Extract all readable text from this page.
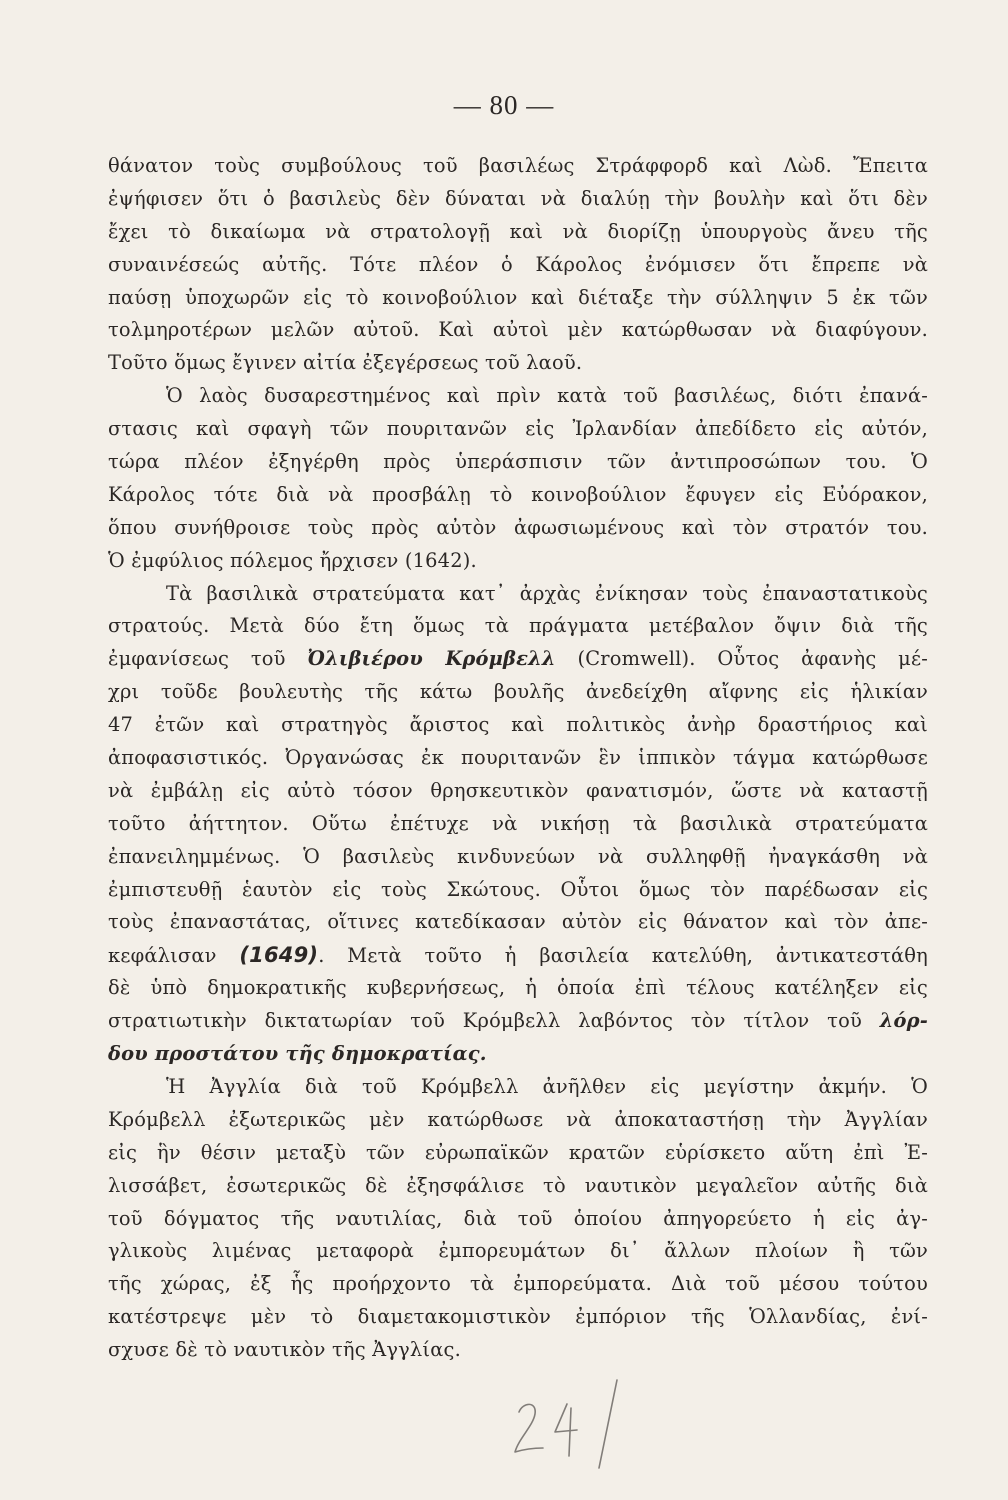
— 80 —
θάνατον τοὺς συμβούλους τοῦ βασιλέως Στράφφορδ καὶ Λὼδ. Ἔπειτα
ἐψήφισεν ὅτι ὁ βασιλεὺς δὲν δύναται νὰ διαλύῃ τὴν βουλὴν καὶ ὅτι δὲν
ἔχει τὸ δικαίωμα νὰ στρατολογῇ καὶ νὰ διορίζῃ ὑπουργοὺς ἄνευ τῆς
συναινέσεώς αὐτῆς. Τότε πλέον ὁ Κάρολος ἐνόμισεν ὅτι ἔπρεπε νὰ
παύσῃ ὑποχωρῶν εἰς τὸ κοινοβούλιον καὶ διέταξε τὴν σύλληψιν 5 ἐκ τῶν
τολμηροτέρων μελῶν αὐτοῦ. Καὶ αὐτοὶ μὲν κατώρθωσαν νὰ διαφύγουν.
Τοῦτο ὅμως ἔγινεν αἰτία ἐξεγέρσεως τοῦ λαοῦ.
Ὁ λαὸς δυσαρεστημένος καὶ πρὶν κατὰ τοῦ βασιλέως, διότι ἐπανά-
στασις καὶ σφαγὴ τῶν πουριτανῶν εἰς Ἰρλανδίαν ἀπεδίδετο εἰς αὐτόν,
τώρα πλέον ἐξηγέρθη πρὸς ὑπεράσπισιν τῶν ἀντιπροσώπων του. Ὁ
Κάρολος τότε διὰ νὰ προσβάλῃ τὸ κοινοβούλιον ἔφυγεν εἰς Εὐόρακον,
ὅπου συνήθροισε τοὺς πρὸς αὐτὸν ἀφωσιωμένους καὶ τὸν στρατόν του.
Ὁ ἐμφύλιος πόλεμος ἤρχισεν (1642).
Τὰ βασιλικὰ στρατεύματα κατ᾿ ἀρχὰς ἐνίκησαν τοὺς ἐπαναστατικοὺς
στρατούς. Μετὰ δύο ἔτη ὅμως τὰ πράγματα μετέβαλον ὄψιν διὰ τῆς
ἐμφανίσεως τοῦ Ὀλιβιέρου Κρόμβελλ (Cromwell). Οὗτος ἀφανὴς μέ-
χρι τοῦδε βουλευτὴς τῆς κάτω βουλῆς ἀνεδείχθη αἴφνης εἰς ἡλικίαν
47 ἐτῶν καὶ στρατηγὸς ἄριστος καὶ πολιτικὸς ἀνὴρ δραστήριος καὶ
ἀποφασιστικός. Ὀργανώσας ἐκ πουριτανῶν ἓν ἱππικὸν τάγμα κατώρθωσε
νὰ ἐμβάλῃ εἰς αὐτὸ τόσον θρησκευτικὸν φανατισμόν, ὥστε νὰ καταστῇ
τοῦτο ἀήττητον. Οὕτω ἐπέτυχε νὰ νικήσῃ τὰ βασιλικὰ στρατεύματα
ἐπανειλημμένως. Ὁ βασιλεὺς κινδυνεύων νὰ συλληφθῇ ἠναγκάσθη νὰ
ἐμπιστευθῇ ἑαυτὸν εἰς τοὺς Σκώτους. Οὗτοι ὅμως τὸν παρέδωσαν εἰς
τοὺς ἐπαναστάτας, οἵτινες κατεδίκασαν αὐτὸν εἰς θάνατον καὶ τὸν ἀπε-
κεφάλισαν (1649). Μετὰ τοῦτο ἡ βασιλεία κατελύθη, ἀντικατεστάθη
δὲ ὑπὸ δημοκρατικῆς κυβερνήσεως, ἡ ὁποία ἐπὶ τέλους κατέληξεν εἰς
στρατιωτικὴν δικτατωρίαν τοῦ Κρόμβελλ λαβόντος τὸν τίτλον τοῦ λόρ-
δου προστάτου τῆς δημοκρατίας.
Ἡ Ἀγγλία διὰ τοῦ Κρόμβελλ ἀνῆλθεν εἰς μεγίστην ἀκμήν. Ὁ
Κρόμβελλ ἐξωτερικῶς μὲν κατώρθωσε νὰ ἀποκαταστήσῃ τὴν Ἀγγλίαν
εἰς ἣν θέσιν μεταξὺ τῶν εὐρωπαϊκῶν κρατῶν εὑρίσκετο αὕτη ἐπὶ Ἐ-
λισσάβετ, ἐσωτερικῶς δὲ ἐξησφάλισε τὸ ναυτικὸν μεγαλεῖον αὐτῆς διὰ
τοῦ δόγματος τῆς ναυτιλίας, διὰ τοῦ ὁποίου ἀπηγορεύετο ἡ εἰς ἀγ-
γλικοὺς λιμένας μεταφορὰ ἐμπορευμάτων δι᾿ ἄλλων πλοίων ἢ τῶν
τῆς χώρας, ἐξ ἧς προήρχοντο τὰ ἐμπορεύματα. Διὰ τοῦ μέσου τούτου
κατέστρεψε μὲν τὸ διαμετακομιστικὸν ἐμπόριον τῆς Ὁλλανδίας, ἐνί-
σχυσε δὲ τὸ ναυτικὸν τῆς Ἀγγλίας.
